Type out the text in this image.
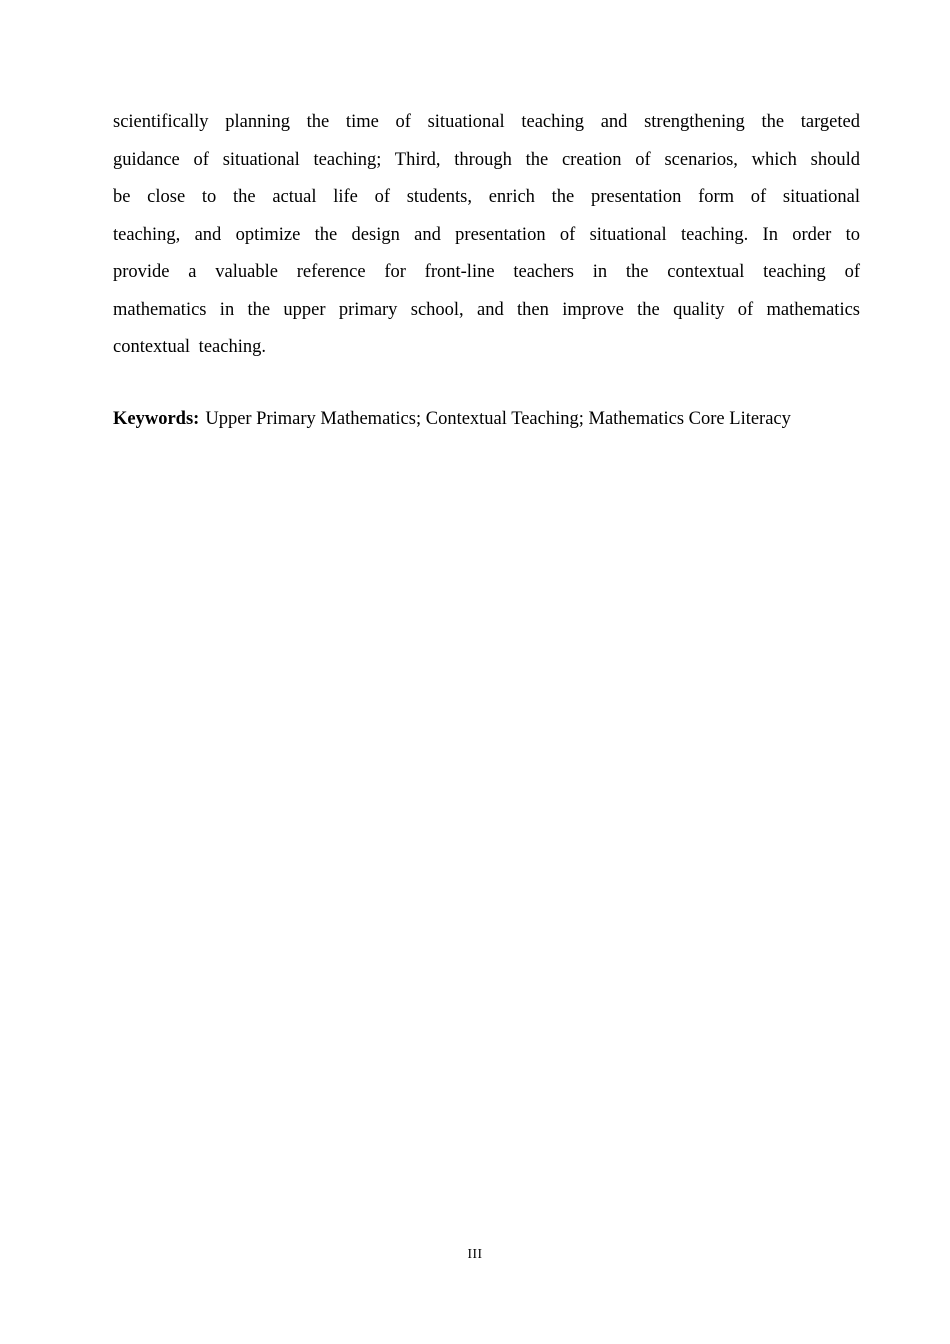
scientifically planning the time of situational teaching and strengthening the targeted

guidance of situational teaching; Third, through the creation of scenarios, which should

be close to the actual life of students, enrich the presentation form of situational

teaching, and optimize the design and presentation of situational teaching. In order to

provide a valuable reference for front-line teachers in the contextual teaching of

mathematics in the upper primary school, and then improve the quality of mathematics

contextual teaching.

Keywords: Upper Primary Mathematics; Contextual Teaching; Mathematics Core Literacy

III
